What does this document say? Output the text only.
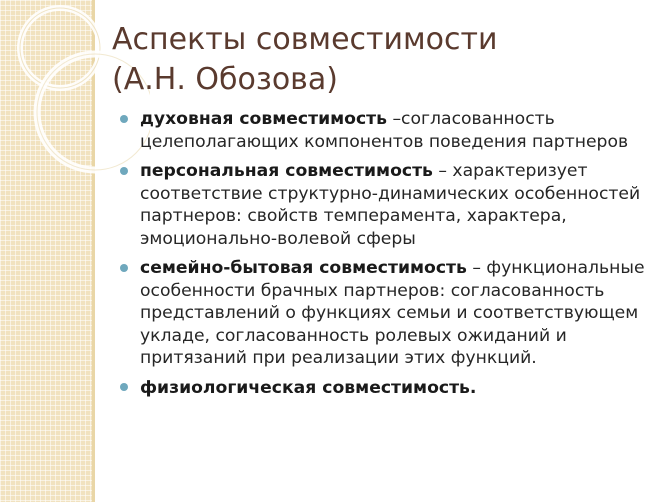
Аспекты совместимости
(А.Н. Обозова)
духовная совместимость –согласованность целеполагающих компонентов поведения партнеров
персональная совместимость – характеризует соответствие структурно-динамических особенностей партнеров: свойств темперамента, характера, эмоционально-волевой сферы
семейно-бытовая совместимость – функциональные особенности брачных партнеров: согласованность представлений о функциях семьи и соответствующем укладе, согласованность ролевых ожиданий и притязаний при реализации этих функций.
физиологическая совместимость.
